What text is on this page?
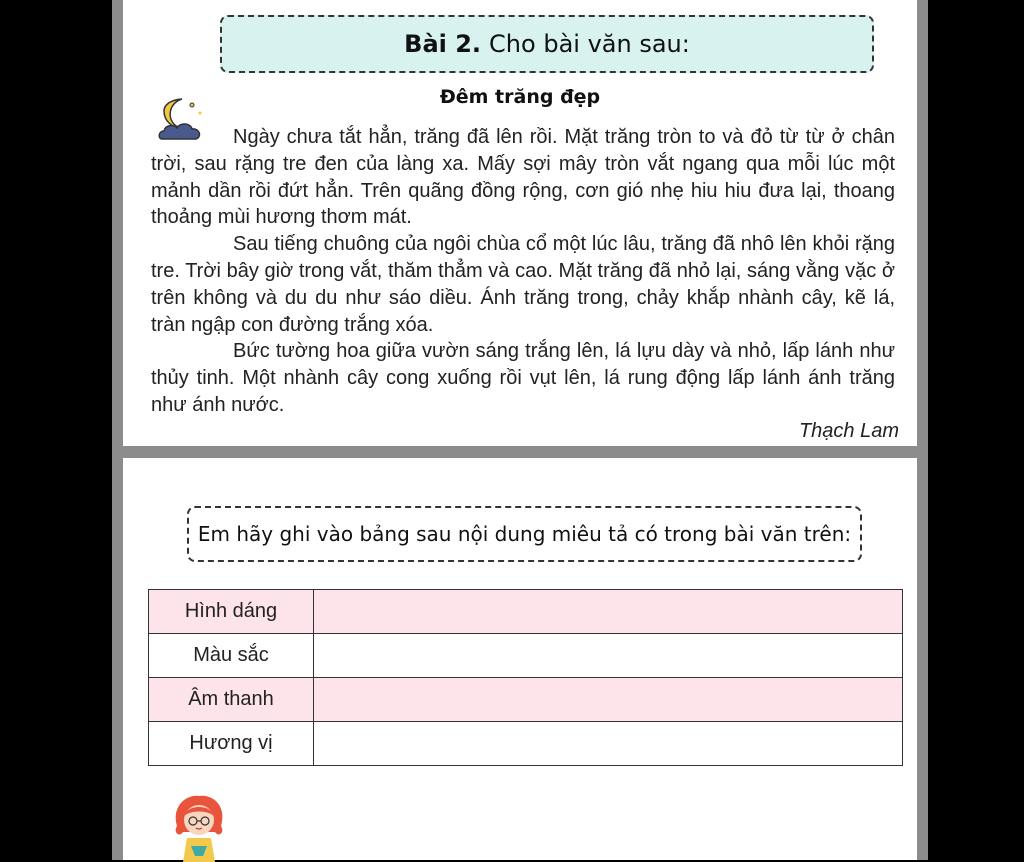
Bài 2. Cho bài văn sau:
Đêm trăng đẹp

Ngày chưa tắt hẳn, trăng đã lên rồi. Mặt trăng tròn to và đỏ từ từ ở chân trời, sau rặng tre đen của làng xa. Mấy sợi mây tròn vắt ngang qua mỗi lúc một mảnh dần rồi đứt hẳn. Trên quãng đồng rộng, cơn gió nhẹ hiu hiu đưa lại, thoang thoảng mùi hương thơm mát.

Sau tiếng chuông của ngôi chùa cổ một lúc lâu, trăng đã nhô lên khỏi rặng tre. Trời bây giờ trong vắt, thăm thẳm và cao. Mặt trăng đã nhỏ lại, sáng vằng vặc ở trên không và du du như sáo diều. Ánh trăng trong, chảy khắp nhành cây, kẽ lá, tràn ngập con đường trắng xóa.

Bức tường hoa giữa vườn sáng trắng lên, lá lựu dày và nhỏ, lấp lánh như thủy tinh. Một nhành cây cong xuống rồi vụt lên, lá rung động lấp lánh ánh trăng như ánh nước.

Thạch Lam
Em hãy ghi vào bảng sau nội dung miêu tả có trong bài văn trên:
Hình dáng	
Màu sắc	
Âm thanh	
Hương vị	
